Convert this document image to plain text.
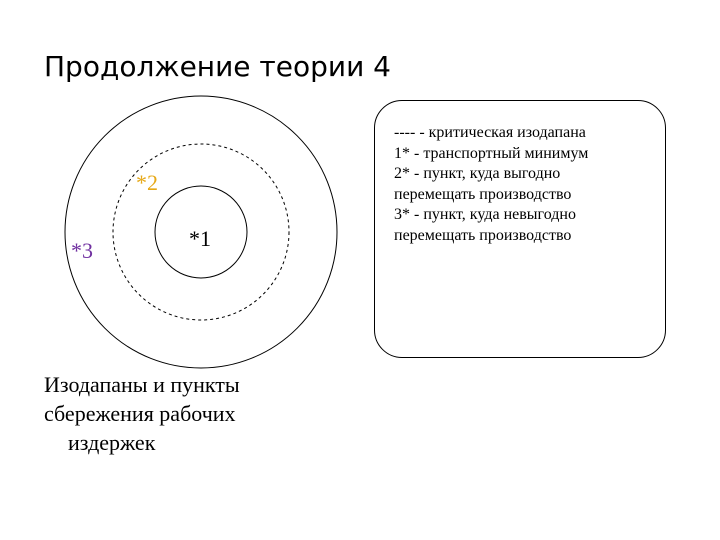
Продолжение теории 4
*2
*1
*3
---- - критическая изодапана
1* - транспортный минимум
2* - пункт, куда выгодно
перемещать производство
3* - пункт, куда невыгодно
перемещать производство
Изодапаны и пункты
сбережения рабочих
издержек
